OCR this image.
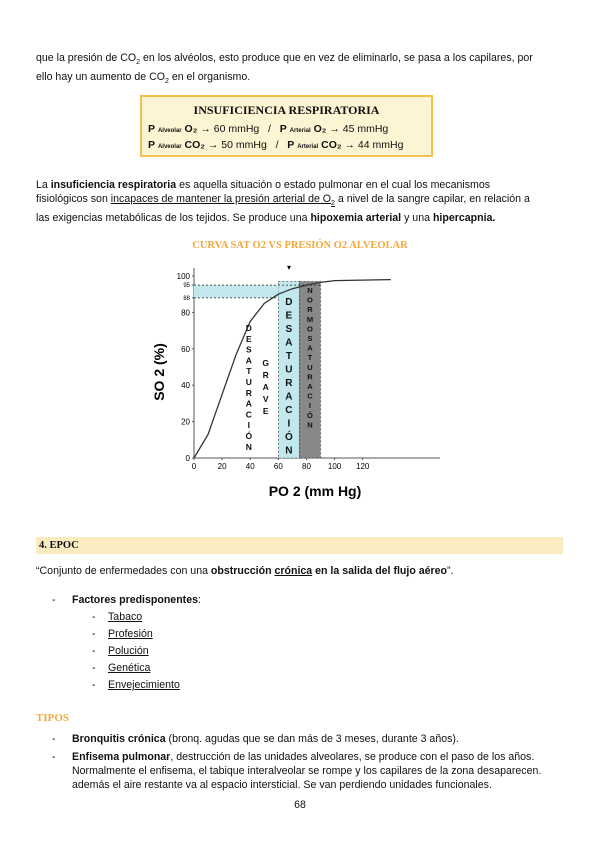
que la presión de $CO_2$ en los alvéolos, esto produce que en vez de eliminarlo, se pasa a los capilares, por
ello hay un aumento de $CO_2$ en el organismo.
INSUFICIENCIA RESPIRATORIA
P Alveolar O₂ → 60 mmHg / P Arterial O₂ → 45 mmHg
P Alveolar CO₂ → 50 mmHg / P Arterial CO₂ → 44 mmHg
La insuficiencia respiratoria es aquella situación o estado pulmonar en el cual los mecanismos
fisiológicos son incapaces de mantener la presión arterial de $O_2$ a nivel de la sangre capilar, en relación a
las exigencias metabólicas de los tejidos. Se produce una hipoxemia arterial y una hipercapnia.
CURVA SAT O2 VS PRESIÓN O2 ALVEOLAR
SO 2 (%)
▾
0
20
40
60
80
88
95
100
0	20 40 60 80 100 120
D
E
S
A
T
U
R
A
C
I
Ó
N
G
R
A
V
E
D
E
S
A
T
U
R
A
C
I
Ó
N
N
O
R
M
O
S
A
T
U
R
A
C
I
Ó
N
PO 2 (mm Hg)
4. EPOC
“Conjunto de enfermedades con una obstrucción crónica en la salida del flujo aéreo”.
- Factores predisponentes:
- Tabaco
- Profesión
- Polución
- Genética
- Envejecimiento
TIPOS
- Bronquitis crónica (bronq. agudas que se dan más de 3 meses, durante 3 años).
- Enfisema pulmonar, destrucción de las unidades alveolares, se produce con el paso de los años.
Normalmente el enfisema, el tabique interalveolar se rompe y los capilares de la zona desaparecen.
además el aire restante va al espacio intersticial. Se van perdiendo unidades funcionales.
68
